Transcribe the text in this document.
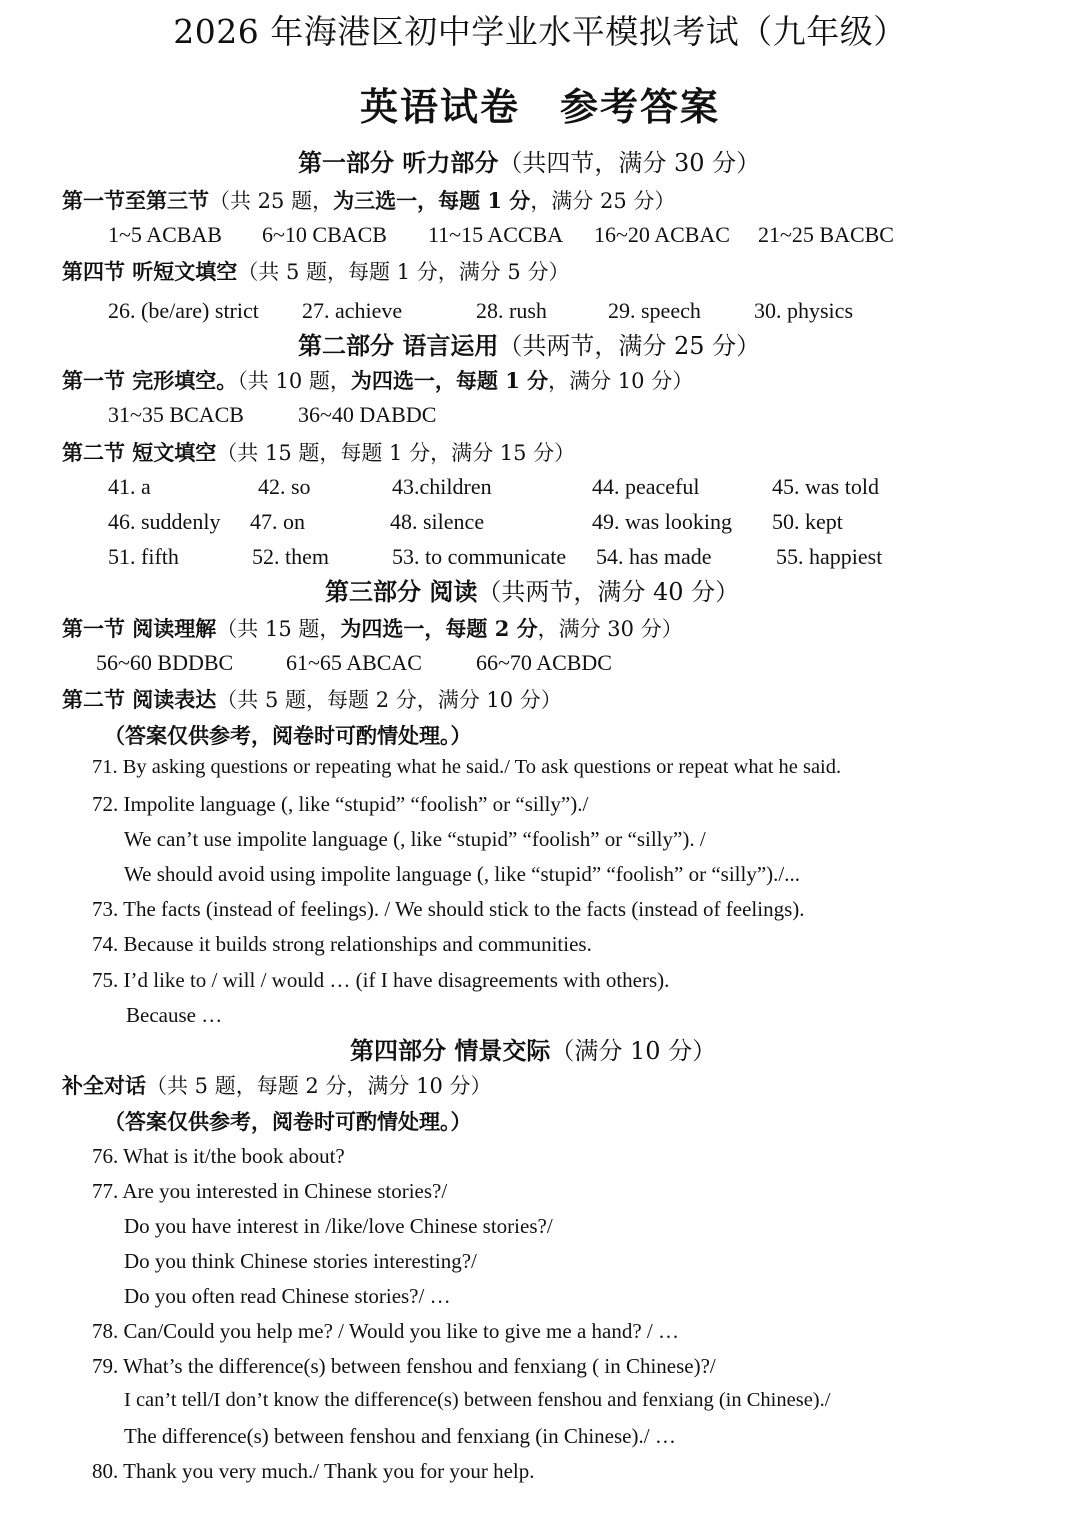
2026 年海港区初中学业水平模拟考试（九年级）
英语试卷　参考答案
第一部分 听力部分（共四节，满分 30 分）
第一节至第三节（共 25 题，为三选一，每题 1 分，满分 25 分）
1~5 ACBAB 6~10 CBACB 11~15 ACCBA 16~20 ACBAC 21~25 BACBC
第四节 听短文填空（共 5 题，每题 1 分，满分 5 分）
26. (be/are) strict 27. achieve	28. rush	29. speech 30. physics
第二部分 语言运用（共两节，满分 25 分）
第一节 完形填空。（共 10 题，为四选一，每题 1 分，满分 10 分）
31~35 BCACB 36~40 DABDC
第二节 短文填空（共 15 题，每题 1 分，满分 15 分）
41. a	42. so	43.children	44. peaceful	45. was told
46. suddenly 47. on	48. silence	49. was looking 50. kept
51. fifth	52. them	53. to communicate 54. has made	55. happiest
第三部分 阅读（共两节，满分 40 分）
第一节 阅读理解（共 15 题，为四选一，每题 2 分，满分 30 分）
56~60 BDDBC 61~65 ABCAC 66~70 ACBDC
第二节 阅读表达（共 5 题，每题 2 分，满分 10 分）
（答案仅供参考，阅卷时可酌情处理。）
71. By asking questions or repeating what he said./ To ask questions or repeat what he said.
72. Impolite language (, like “stupid” “foolish” or “silly”)./
We can’t use impolite language (, like “stupid” “foolish” or “silly”). /
We should avoid using impolite language (, like “stupid” “foolish” or “silly”)./...
73. The facts (instead of feelings). / We should stick to the facts (instead of feelings).
74. Because it builds strong relationships and communities.
75. I’d like to / will / would … (if I have disagreements with others).
Because …
第四部分 情景交际（满分 10 分）
补全对话（共 5 题，每题 2 分，满分 10 分）
（答案仅供参考，阅卷时可酌情处理。）
76. What is it/the book about?
77. Are you interested in Chinese stories?/
Do you have interest in /like/love Chinese stories?/
Do you think Chinese stories interesting?/
Do you often read Chinese stories?/ …
78. Can/Could you help me? / Would you like to give me a hand? / …
79. What’s the difference(s) between fenshou and fenxiang ( in Chinese)?/
I can’t tell/I don’t know the difference(s) between fenshou and fenxiang (in Chinese)./
The difference(s) between fenshou and fenxiang (in Chinese)./ …
80. Thank you very much./ Thank you for your help.
